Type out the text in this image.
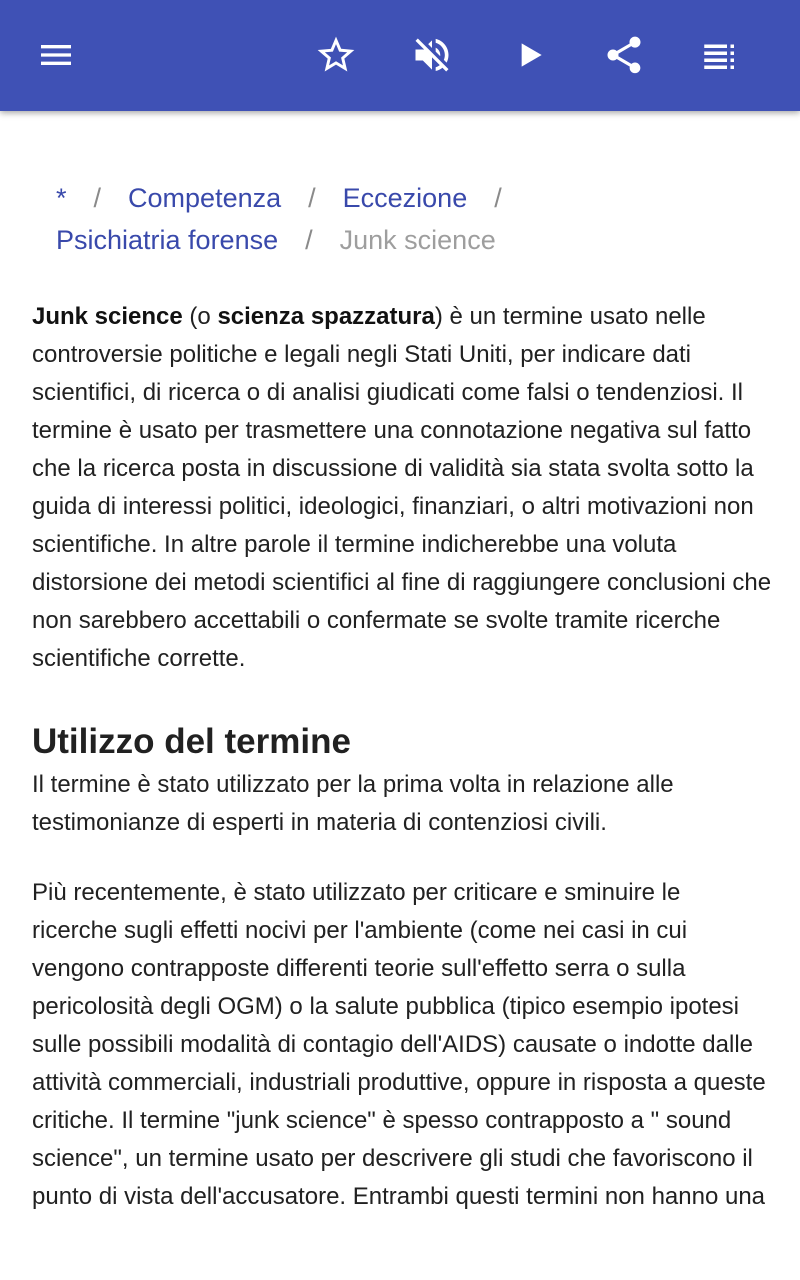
* / Competenza / Eccezione /
Psichiatria forense / Junk science

Junk science (o scienza spazzatura) è un termine usato nelle controversie politiche e legali negli Stati Uniti, per indicare dati scientifici, di ricerca o di analisi giudicati come falsi o tendenziosi. Il termine è usato per trasmettere una connotazione negativa sul fatto che la ricerca posta in discussione di validità sia stata svolta sotto la guida di interessi politici, ideologici, finanziari, o altri motivazioni non scientifiche. In altre parole il termine indicherebbe una voluta distorsione dei metodi scientifici al fine di raggiungere conclusioni che non sarebbero accettabili o confermate se svolte tramite ricerche scientifiche corrette.

Utilizzo del termine

Il termine è stato utilizzato per la prima volta in relazione alle testimonianze di esperti in materia di contenziosi civili.

Più recentemente, è stato utilizzato per criticare e sminuire le ricerche sugli effetti nocivi per l'ambiente (come nei casi in cui vengono contrapposte differenti teorie sull'effetto serra o sulla pericolosità degli OGM) o la salute pubblica (tipico esempio ipotesi sulle possibili modalità di contagio dell'AIDS) causate o indotte dalle attività commerciali, industriali produttive, oppure in risposta a queste critiche. Il termine "junk science" è spesso contrapposto a " sound science", un termine usato per descrivere gli studi che favoriscono il punto di vista dell'accusatore. Entrambi questi termini non hanno una
